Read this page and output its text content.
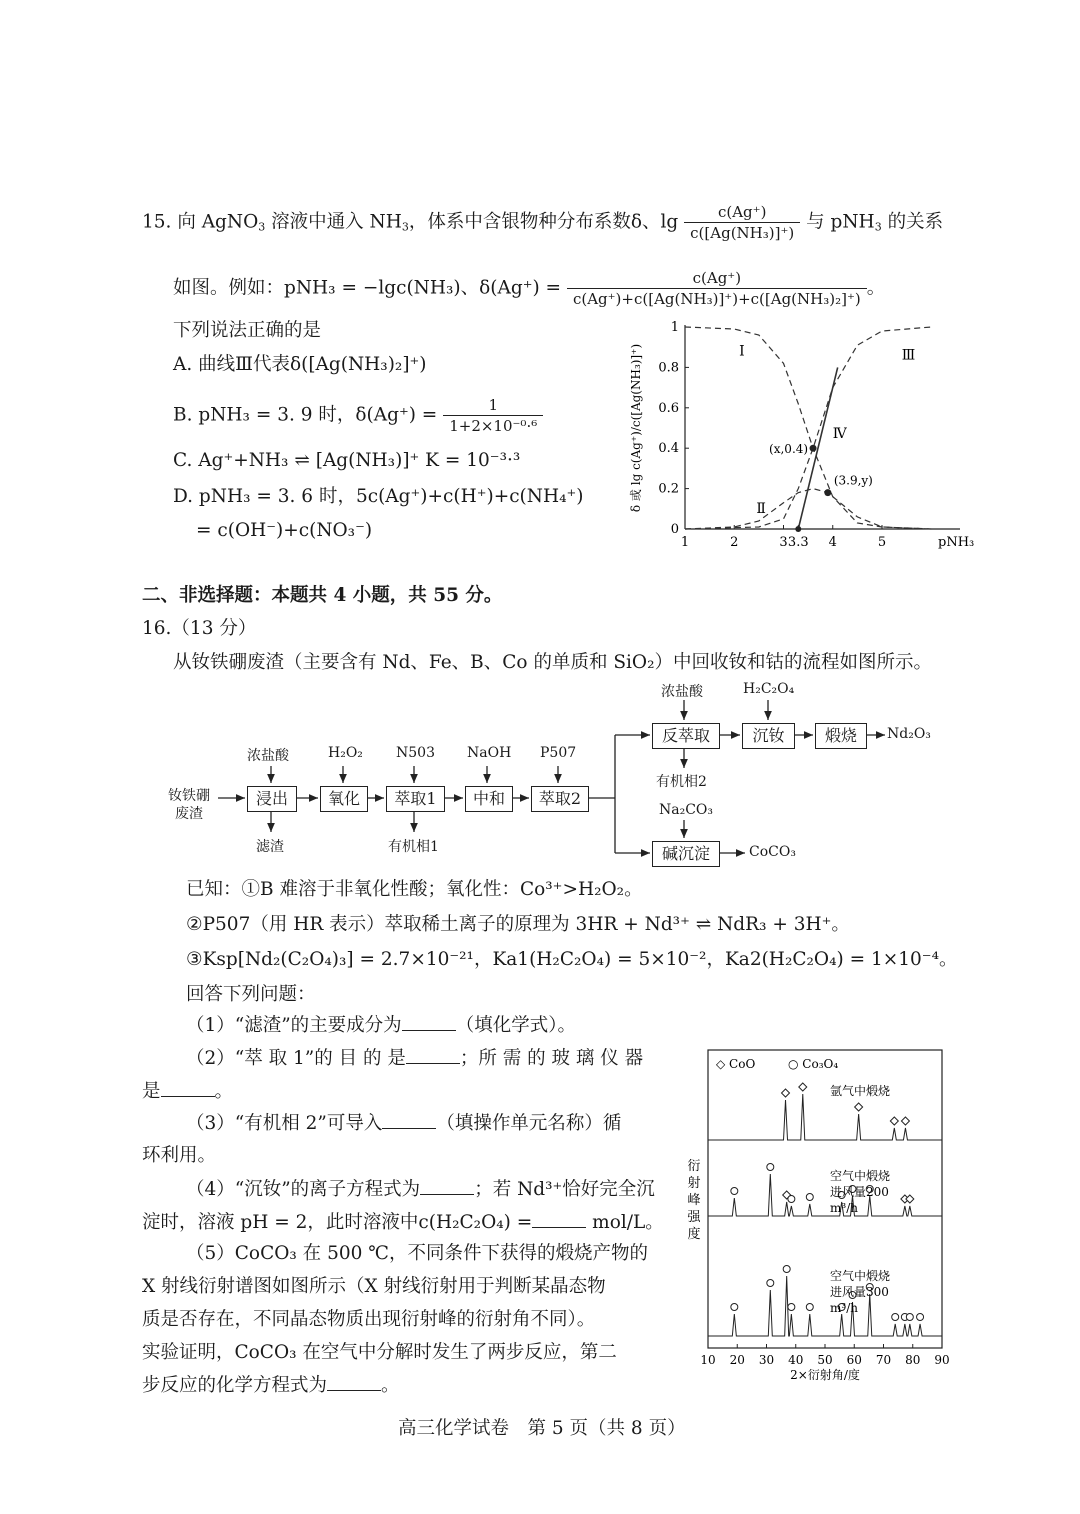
15. 向 AgNO$_3$ 溶液中通入 $NH_3$，体系中含银物种分布系数δ、$\lg \frac{c(Ag^+)}{\text{c([Ag(NH₃)]⁺)}}$ 与 pNH$_3$ 的关系
如图。例如：pNH₃ = −lgc(NH₃)、$\delta(Ag^+) = \frac{c(Ag^+)}{\text{c(Ag⁺)+c([Ag(NH₃)]⁺)+c([Ag(NH₃)₂]⁺)}}$ 。
下列说法正确的是
A. 曲线Ⅲ代表δ([Ag(NH₃)₂]⁺)
B. pNH₃ = 3. 9 时，$\delta(Ag^+) = \frac{1}{\text{1+2×10⁻⁰·⁶}}$
C. Ag⁺+NH₃ ⇌ [Ag(NH₃)]⁺ K = 10⁻³·³
D. pNH₃ = 3. 6 时，5c(Ag⁺)+c(H⁺)+c(NH₄⁺)
= c(OH⁻)+c(NO₃⁻)
1	2	3 3.3 4	5	pNH₃
0
0.2
0.4
0.6
0.8
1
δ 或 lg c(Ag⁺)/c([Ag(NH₃)]⁺)	Ⅰ
Ⅱ
Ⅲ
Ⅳ
(x,0.4)
(3.9,y)
二、非选择题：本题共 4 小题，共 55 分。
16.（13 分）
从钕铁硼废渣（主要含有 Nd、Fe、B、Co 的单质和 SiO₂）中回收钕和钴的流程如图所示。
钕铁硼
废渣
浸出	氧化	萃取1	中和	萃取2
浓盐酸	H₂O₂ N503 NaOH P507
滤渣	有机相1
反萃取	沉钕	煅烧	Nd₂O₃
浓盐酸	H₂C₂O₄
有机相2
Na₂CO₃
碱沉淀	CoCO₃
已知：①B 难溶于非氧化性酸；氧化性：Co³⁺>H₂O₂。
②P507（用 HR 表示）萃取稀土离子的原理为 3HR + Nd³⁺ ⇌ NdR₃ + 3H⁺。
③Ksp[Nd₂(C₂O₄)₃] = 2.7×10⁻²¹，Ka1(H₂C₂O₄) = 5×10⁻²，Ka2(H₂C₂O₄) = 1×10⁻⁴。
回答下列问题：
（1）“滤渣”的主要成分为	（填化学式）。
（2）“萃 取 1”的 目 的 是	；所 需 的 玻 璃 仪 器
是	。
（3）“有机相 2”可导入	（填操作单元名称）循
环利用。
（4）“沉钕”的离子方程式为	；若 Nd³⁺恰好完全沉
淀时，溶液 pH = 2，此时溶液中c(H₂C₂O₄) =	mol/L。
（5）CoCO₃ 在 500 ℃，不同条件下获得的煅烧产物的
X 射线衍射谱图如图所示（X 射线衍射用于判断某晶态物
质是否存在，不同晶态物质出现衍射峰的衍射角不同）。
实验证明，CoCO₃ 在空气中分解时发生了两步反应，第二
步反应的化学方程式为	。
10 20 30 40 50 60 70 80 90
2×衍射角/度
衍
射
峰
强
度
◇ CoO	○ Co₃O₄
氩气中煅烧
空气中煅烧
进风量200
m³/h
空气中煅烧
进风量300
m³/h
高三化学试卷　第 5 页（共 8 页）
